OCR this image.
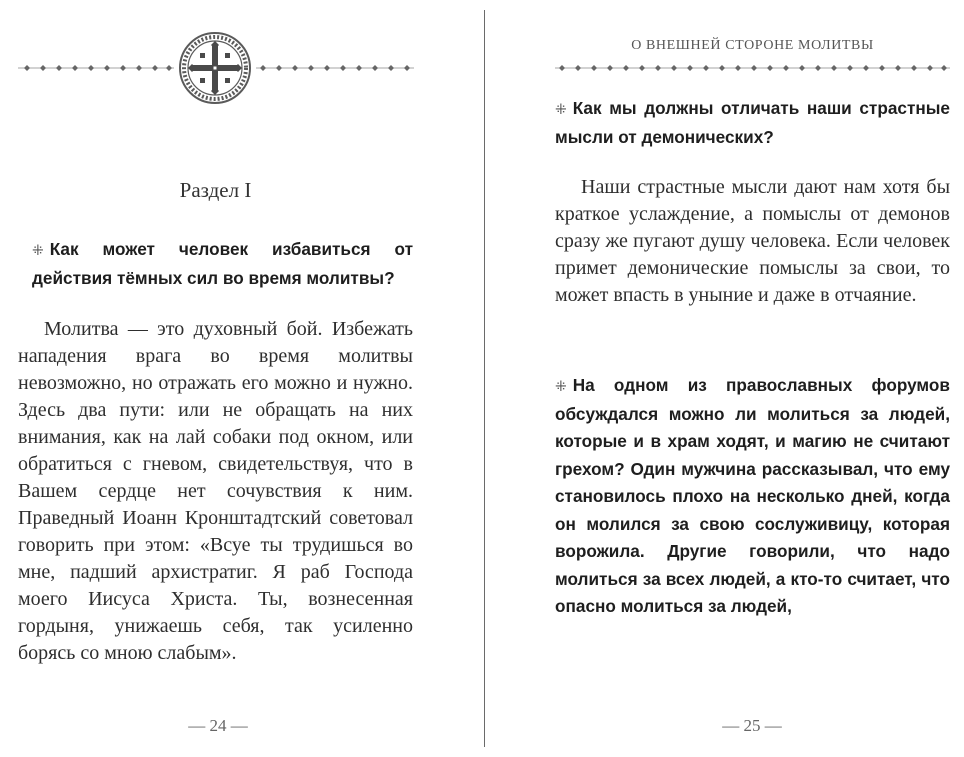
Раздел I
⁜ Как может человек избавиться от действия тёмных сил во время молитвы?
Молитва — это духовный бой. Избежать нападения врага во время молитвы невозможно, но отражать его можно и нужно. Здесь два пути: или не обращать на них внимания, как на лай собаки под окном, или обратиться с гневом, свидетельствуя, что в Вашем сердце нет сочувствия к ним. Праведный Иоанн Кронштадтский советовал говорить при этом: «Всуе ты трудишься во мне, падший архистратиг. Я раб Господа моего Иисуса Христа. Ты, вознесенная гордыня, унижаешь себя, так усиленно борясь со мною слабым».
— 24 —
О ВНЕШНЕЙ СТОРОНЕ МОЛИТВЫ
⁜ Как мы должны отличать наши страстные мысли от демонических?
Наши страстные мысли дают нам хотя бы краткое услаждение, а помыслы от демонов сразу же пугают душу человека. Если человек примет демонические помыслы за свои, то может впасть в уныние и даже в отчаяние.
⁜ На одном из православных форумов обсуждался можно ли молиться за людей, которые и в храм ходят, и магию не считают грехом? Один мужчина рассказывал, что ему становилось плохо на несколько дней, когда он молился за свою сослуживицу, которая ворожила. Другие говорили, что надо молиться за всех людей, а кто-то считает, что опасно молиться за людей,
— 25 —
